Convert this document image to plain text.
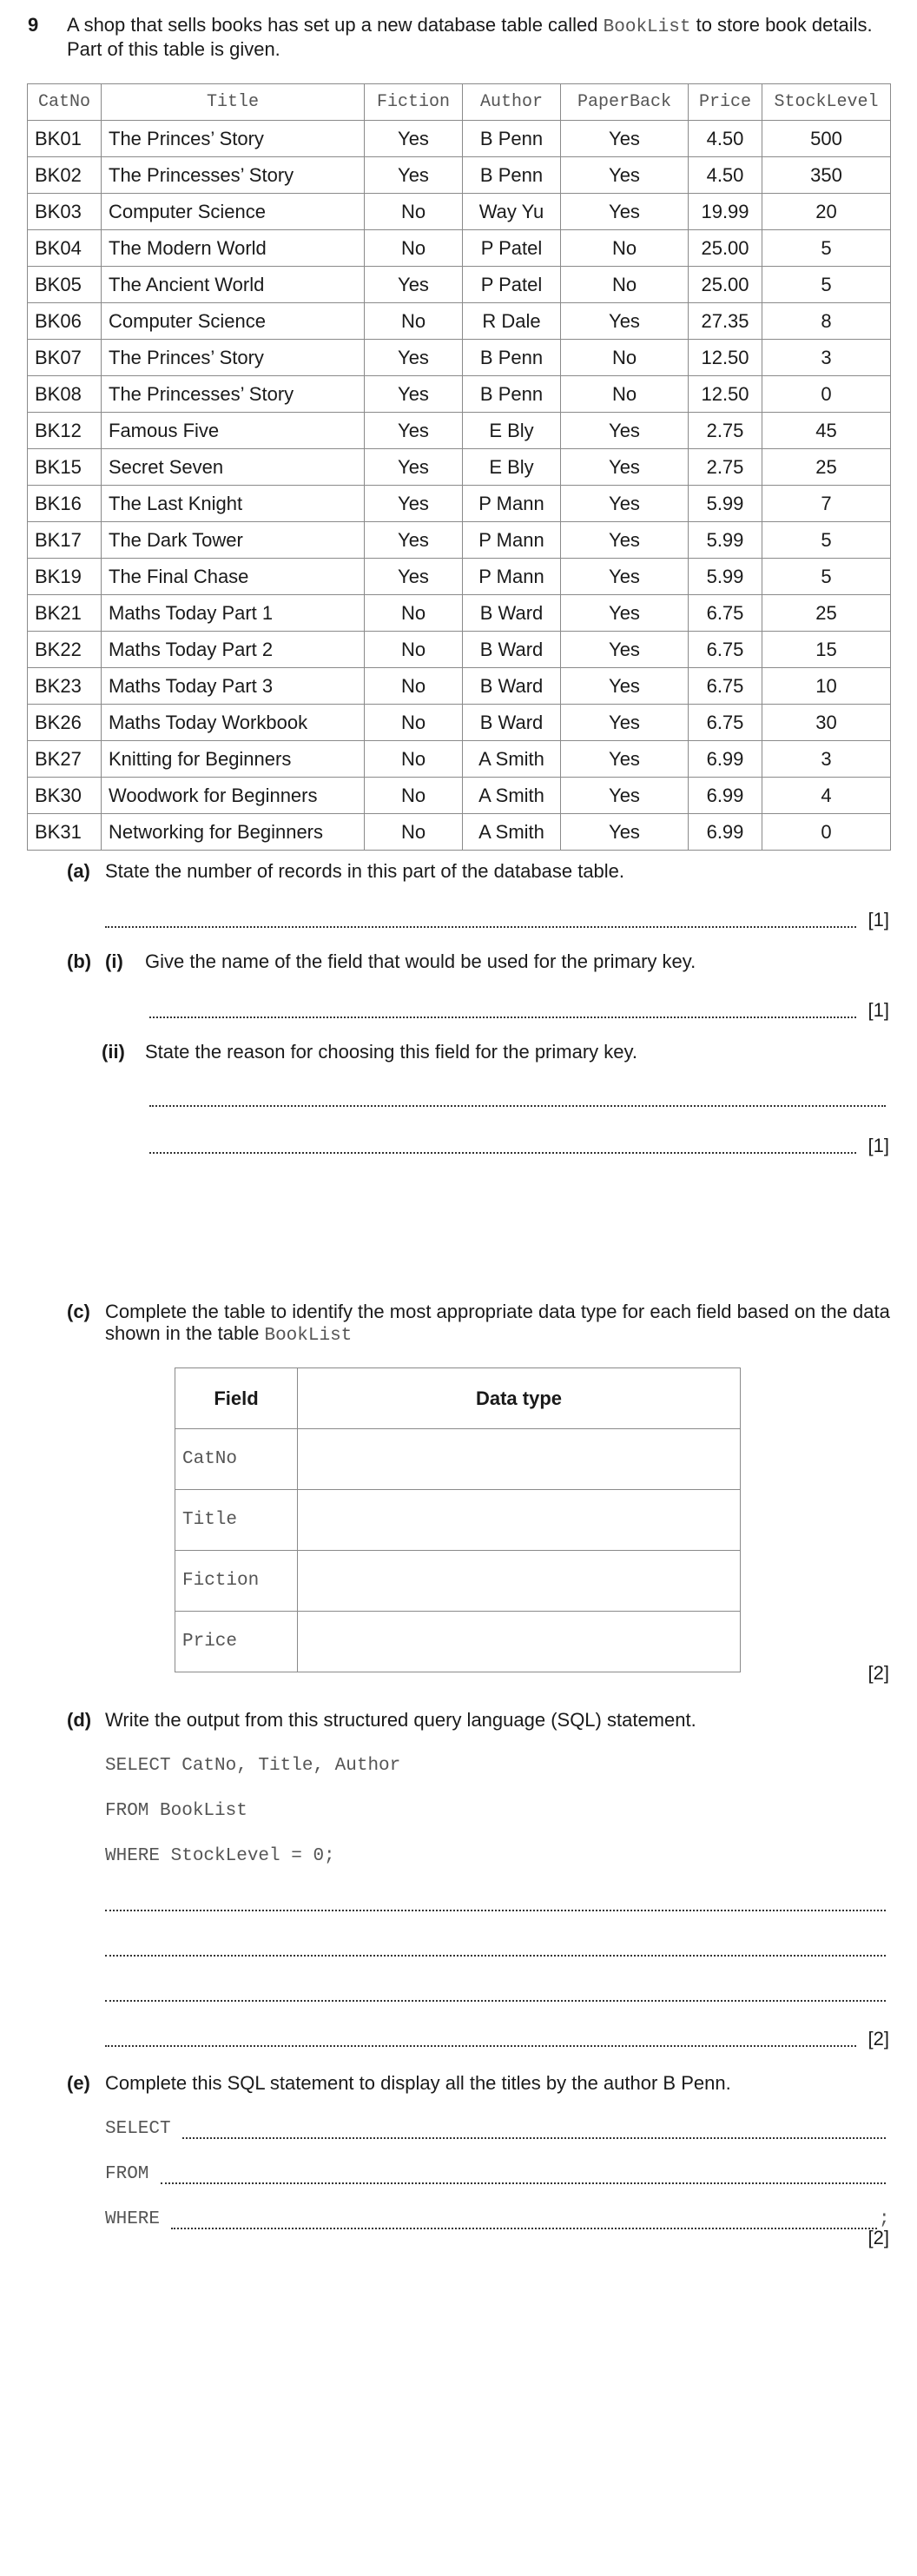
9 A shop that sells books has set up a new database table called BookList to store book details. Part of this table is given.
CatNo	Title	Fiction	Author	PaperBack	Price	StockLevel
BK01	The Princes’ Story	Yes	B Penn	Yes	4.50	500
BK02	The Princesses’ Story	Yes	B Penn	Yes	4.50	350
BK03	Computer Science	No	Way Yu	Yes	19.99	20
BK04	The Modern World	No	P Patel	No	25.00	5
BK05	The Ancient World	Yes	P Patel	No	25.00	5
BK06	Computer Science	No	R Dale	Yes	27.35	8
BK07	The Princes’ Story	Yes	B Penn	No	12.50	3
BK08	The Princesses’ Story	Yes	B Penn	No	12.50	0
BK12	Famous Five	Yes	E Bly	Yes	2.75	45
BK15	Secret Seven	Yes	E Bly	Yes	2.75	25
BK16	The Last Knight	Yes	P Mann	Yes	5.99	7
BK17	The Dark Tower	Yes	P Mann	Yes	5.99	5
BK19	The Final Chase	Yes	P Mann	Yes	5.99	5
BK21	Maths Today Part 1	No	B Ward	Yes	6.75	25
BK22	Maths Today Part 2	No	B Ward	Yes	6.75	15
BK23	Maths Today Part 3	No	B Ward	Yes	6.75	10
BK26	Maths Today Workbook	No	B Ward	Yes	6.75	30
BK27	Knitting for Beginners	No	A Smith	Yes	6.99	3
BK30	Woodwork for Beginners	No	A Smith	Yes	6.99	4
BK31	Networking for Beginners	No	A Smith	Yes	6.99	0
(a) State the number of records in this part of the database table.
[1]
(b) (i) Give the name of the field that would be used for the primary key.
[1]
(ii) State the reason for choosing this field for the primary key.
[1]
(c) Complete the table to identify the most appropriate data type for each field based on the data shown in the table BookList
Field	Data type
CatNo	
Title	
Fiction	
Price	
[2]
(d) Write the output from this structured query language (SQL) statement.
SELECT CatNo, Title, Author
FROM BookList
WHERE StockLevel = 0;
[2]
(e) Complete this SQL statement to display all the titles by the author B Penn.
SELECT
FROM
WHERE	;
[2]
